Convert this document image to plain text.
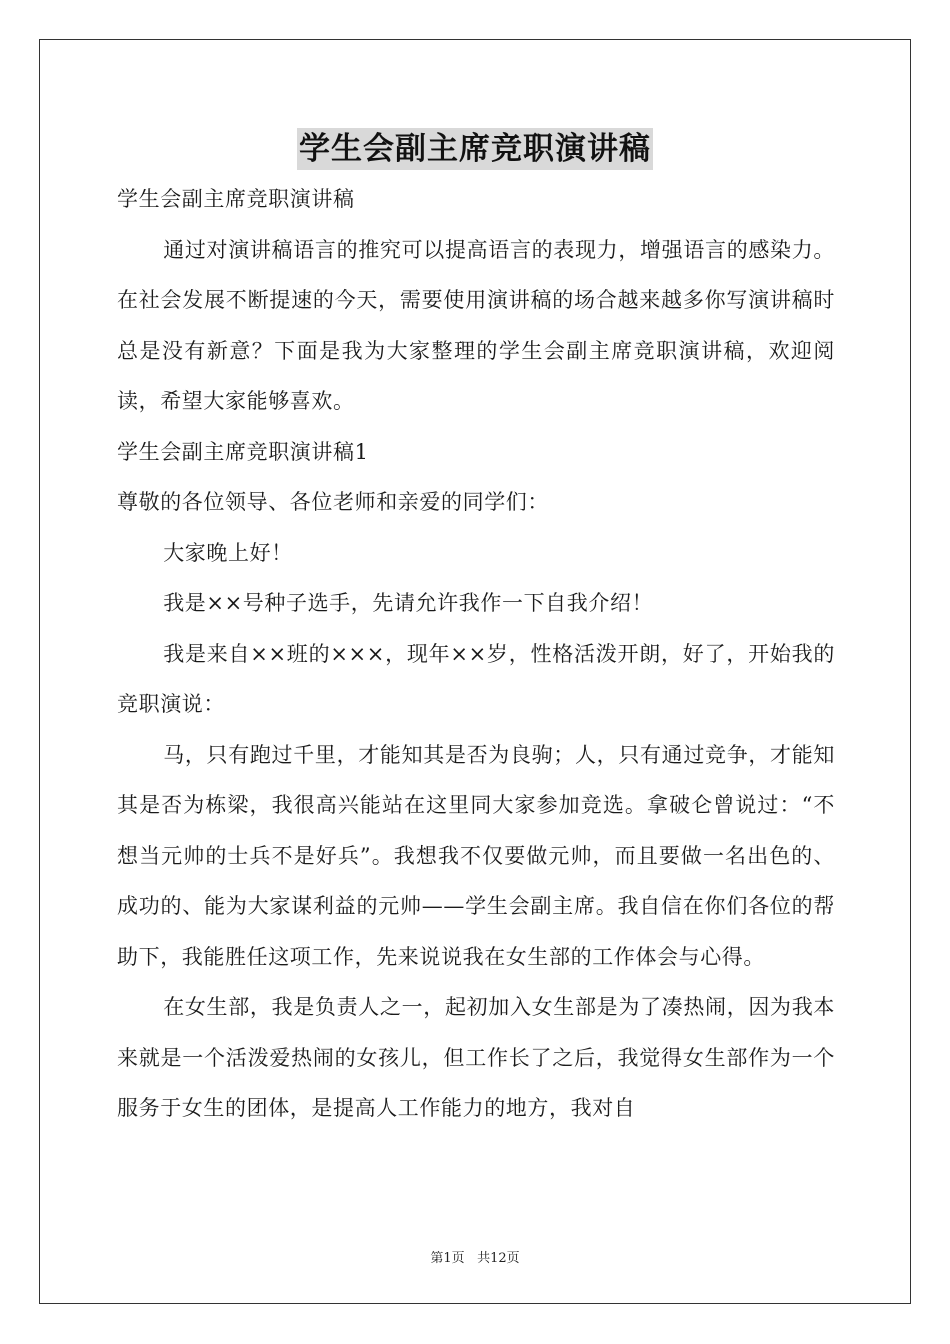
学生会副主席竞职演讲稿

学生会副主席竞职演讲稿

通过对演讲稿语言的推究可以提高语言的表现力，增强语言的感染力。在社会发展不断提速的今天，需要使用演讲稿的场合越来越多你写演讲稿时总是没有新意？下面是我为大家整理的学生会副主席竞职演讲稿，欢迎阅读，希望大家能够喜欢。

学生会副主席竞职演讲稿1

尊敬的各位领导、各位老师和亲爱的同学们：

大家晚上好！

我是××号种子选手，先请允许我作一下自我介绍！

我是来自××班的×××，现年××岁，性格活泼开朗，好了，开始我的竞职演说：

马，只有跑过千里，才能知其是否为良驹；人，只有通过竞争，才能知其是否为栋梁，我很高兴能站在这里同大家参加竞选。拿破仑曾说过：“不想当元帅的士兵不是好兵”。我想我不仅要做元帅，而且要做一名出色的、成功的、能为大家谋利益的元帅——学生会副主席。我自信在你们各位的帮助下，我能胜任这项工作，先来说说我在女生部的工作体会与心得。

在女生部，我是负责人之一，起初加入女生部是为了凑热闹，因为我本来就是一个活泼爱热闹的女孩儿，但工作长了之后，我觉得女生部作为一个服务于女生的团体，是提高人工作能力的地方，我对自

第1页 共12页
